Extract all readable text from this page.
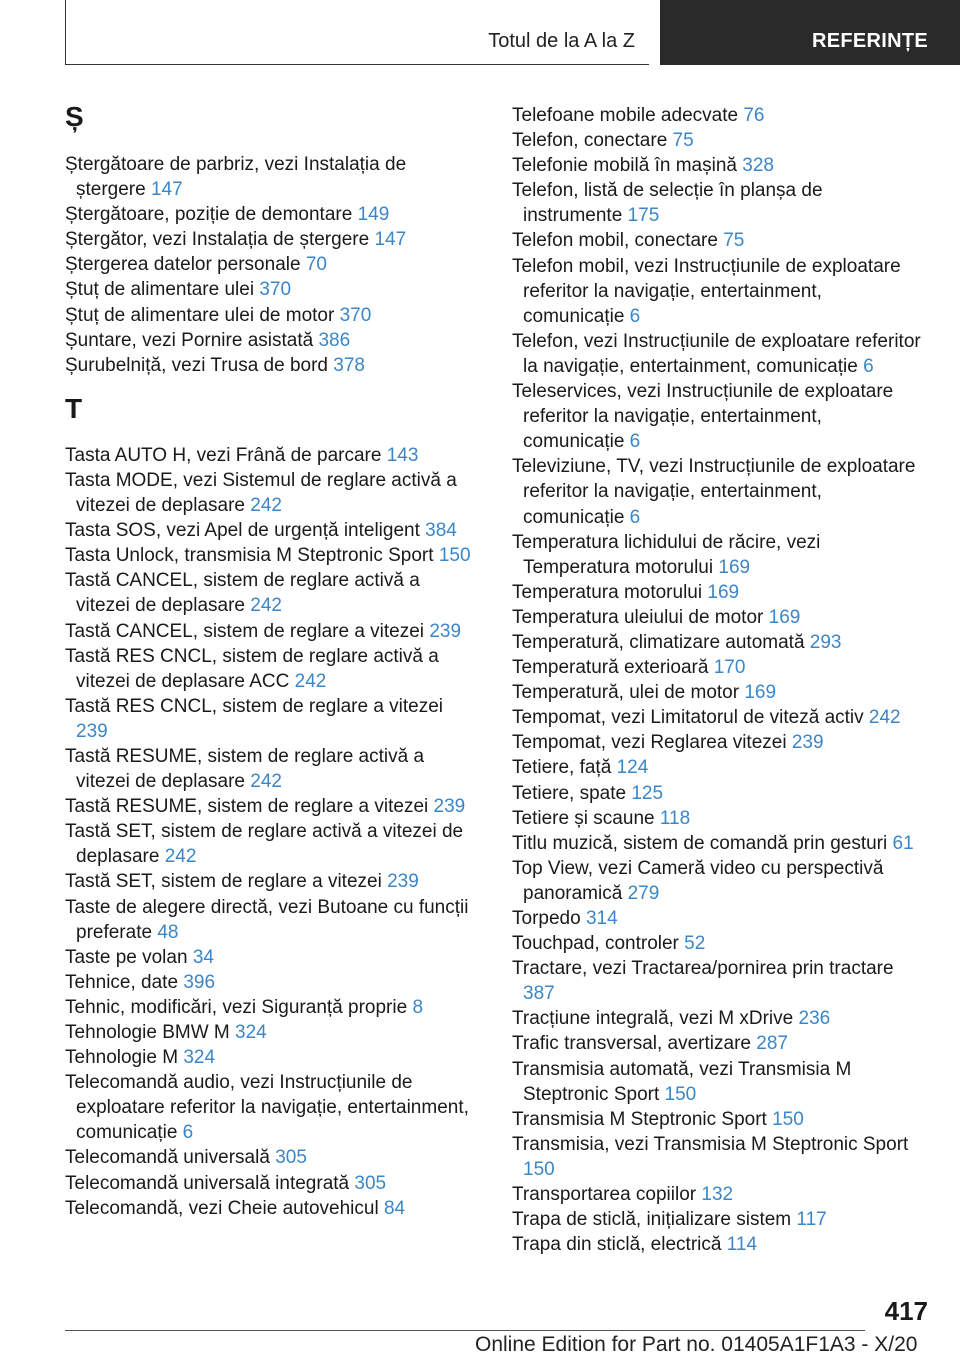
Totul de la A la Z	REFERINȚE
Ș

Ștergătoare de parbriz, vezi Instalația de ștergere 147

Ștergătoare, poziție de demontare 149

Ștergător, vezi Instalația de ștergere 147

Ștergerea datelor personale 70

Ștuț de alimentare ulei 370

Ștuț de alimentare ulei de motor 370

Șuntare, vezi Pornire asistată 386

Șurubelniță, vezi Trusa de bord 378

T

Tasta AUTO H, vezi Frână de parcare 143

Tasta MODE, vezi Sistemul de reglare activă a vitezei de deplasare 242

Tasta SOS, vezi Apel de urgență inteligent 384

Tasta Unlock, transmisia M Steptronic Sport 150

Tastă CANCEL, sistem de reglare activă a vitezei de deplasare 242

Tastă CANCEL, sistem de reglare a vitezei 239

Tastă RES CNCL, sistem de reglare activă a vitezei de deplasare ACC 242

Tastă RES CNCL, sistem de reglare a vitezei 239

Tastă RESUME, sistem de reglare activă a vitezei de deplasare 242

Tastă RESUME, sistem de reglare a vitezei 239

Tastă SET, sistem de reglare activă a vitezei de deplasare 242

Tastă SET, sistem de reglare a vitezei 239

Taste de alegere directă, vezi Butoane cu funcții preferate 48

Taste pe volan 34

Tehnice, date 396

Tehnic, modificări, vezi Siguranță proprie 8

Tehnologie BMW M 324

Tehnologie M 324

Telecomandă audio, vezi Instrucțiunile de exploatare referitor la navigație, entertainment, comunicație 6

Telecomandă universală 305

Telecomandă universală integrată 305

Telecomandă, vezi Cheie autovehicul 84

Telefoane mobile adecvate 76

Telefon, conectare 75

Telefonie mobilă în mașină 328

Telefon, listă de selecție în planșa de instrumente 175

Telefon mobil, conectare 75

Telefon mobil, vezi Instrucțiunile de exploatare referitor la navigație, entertainment, comunicație 6

Telefon, vezi Instrucțiunile de exploatare referitor la navigație, entertainment, comunicație 6

Teleservices, vezi Instrucțiunile de exploatare referitor la navigație, entertainment, comunicație 6

Televiziune, TV, vezi Instrucțiunile de exploatare referitor la navigație, entertainment, comunicație 6

Temperatura lichidului de răcire, vezi Temperatura motorului 169

Temperatura motorului 169

Temperatura uleiului de motor 169

Temperatură, climatizare automată 293

Temperatură exterioară 170

Temperatură, ulei de motor 169

Tempomat, vezi Limitatorul de viteză activ 242

Tempomat, vezi Reglarea vitezei 239

Tetiere, față 124

Tetiere, spate 125

Tetiere și scaune 118

Titlu muzică, sistem de comandă prin gesturi 61

Top View, vezi Cameră video cu perspectivă panoramică 279

Torpedo 314

Touchpad, controler 52

Tractare, vezi Tractarea/pornirea prin tractare 387

Tracțiune integrală, vezi M xDrive 236

Trafic transversal, avertizare 287

Transmisia automată, vezi Transmisia M Steptronic Sport 150

Transmisia M Steptronic Sport 150

Transmisia, vezi Transmisia M Steptronic Sport 150

Transportarea copiilor 132

Trapa de sticlă, inițializare sistem 117

Trapa din sticlă, electrică 114

417
Online Edition for Part no. 01405A1F1A3 - X/20
